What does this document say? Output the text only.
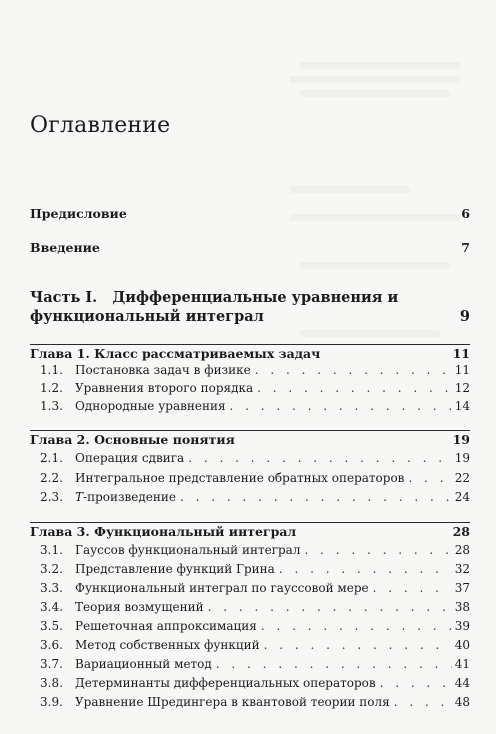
Оглавление
Предисловие	6
Введение	7
Часть I. Дифференциальные уравнения и функциональный интеграл	9
Глава 1. Класс рассматриваемых задач	11
1.1.	Постановка задач в физике . . .	11
1.2.	Уравнения второго порядка . . .	12
1.3.	Однородные уравнения . . .	14
Глава 2. Основные понятия	19
2.1.	Операция сдвига . . .	19
2.2.	Интегральное представление обратных операторов . . .	22
2.3.	T-произведение . . .	24
Глава 3. Функциональный интеграл	28
3.1.	Гауссов функциональный интеграл . . .	28
3.2.	Представление функций Грина . . .	32
3.3.	Функциональный интеграл по гауссовой мере . . .	37
3.4.	Теория возмущений . . .	38
3.5.	Решеточная аппроксимация . . .	39
3.6.	Метод собственных функций . . .	40
3.7.	Вариационный метод . . .	41
3.8.	Детерминанты дифференциальных операторов . . .	44
3.9.	Уравнение Шредингера в квантовой теории поля . . .	48
